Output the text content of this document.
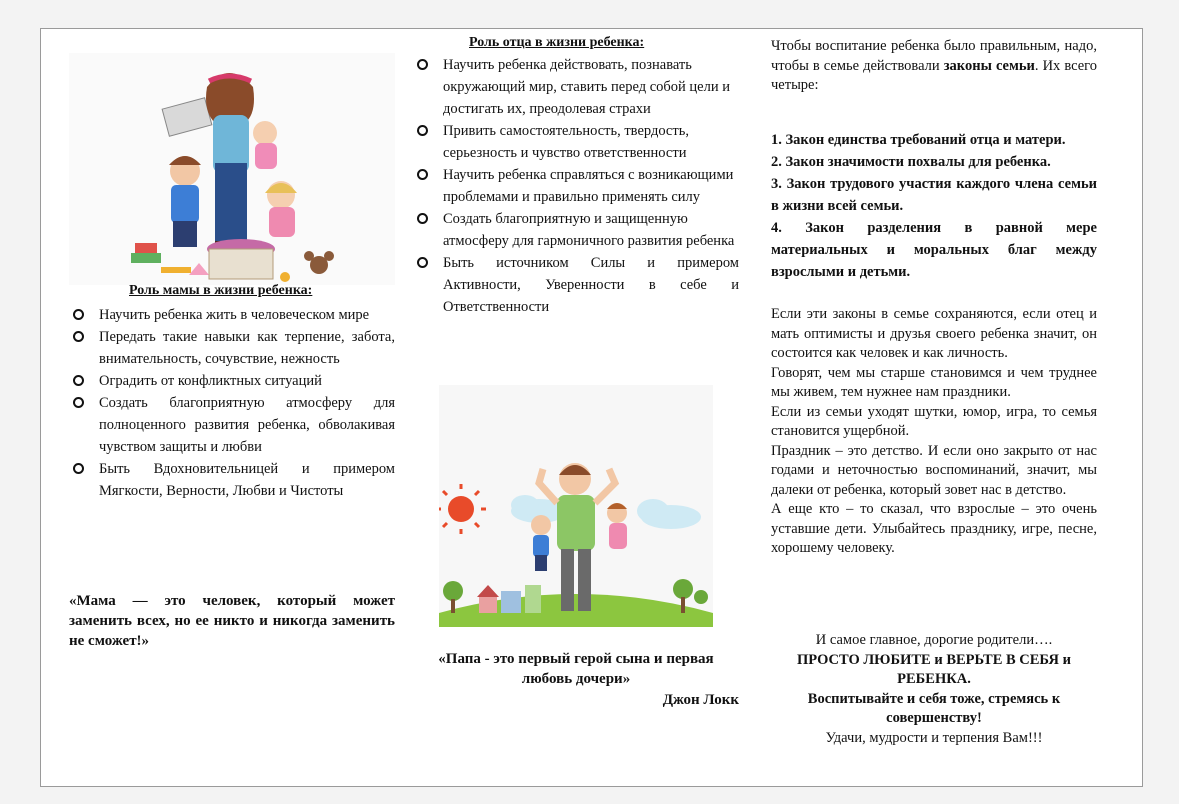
Роль мамы в жизни ребенка:
Научить ребенка жить в человеческом мире
Передать такие навыки как терпение, забота, внимательность, сочувствие, нежность
Оградить от конфликтных ситуаций
Создать благоприятную атмосферу для полноценного развития ребенка, обволакивая чувством защиты и любви
Быть Вдохновительницей и примером Мягкости, Верности, Любви и Чистоты
«Мама — это человек, который может заменить всех, но ее никто и никогда заменить не сможет!»
Роль отца в жизни ребенка:
Научить ребенка действовать, познавать окружающий мир, ставить перед собой цели и достигать их, преодолевая страхи
Привить самостоятельность, твердость, серьезность и чувство ответственности
Научить ребенка справляться с возникающими проблемами и правильно применять силу
Создать благоприятную и защищенную атмосферу для гармоничного развития ребенка
Быть источником Силы и примером Активности, Уверенности в себе и Ответственности
«Папа - это первый герой сына и первая любовь дочери»
Джон Локк
Чтобы воспитание ребенка было правильным, надо, чтобы в семье действовали законы семьи. Их всего четыре:
1. Закон единства требований отца и матери.
2. Закон значимости похвалы для ребенка.
3. Закон трудового участия каждого члена семьи в жизни всей семьи.
4. Закон разделения в равной мере материальных и моральных благ между взрослыми и детьми.
Если эти законы в семье сохраняются, если отец и мать оптимисты и друзья своего ребенка значит, он состоится как человек и как личность.
Говорят, чем мы старше становимся и чем труднее мы живем, тем нужнее нам праздники.
Если из семьи уходят шутки, юмор, игра, то семья становится ущербной.
Праздник – это детство. И если оно закрыто от нас годами и неточностью воспоминаний, значит, мы далеки от ребенка, который зовет нас в детство.
А еще кто – то сказал, что взрослые – это очень уставшие дети. Улыбайтесь празднику, игре, песне, хорошему человеку.
И самое главное, дорогие родители….
ПРОСТО ЛЮБИТЕ и ВЕРЬТЕ В СЕБЯ и РЕБЕНКА.
Воспитывайте и себя тоже, стремясь к совершенству!
Удачи, мудрости и терпения Вам!!!
